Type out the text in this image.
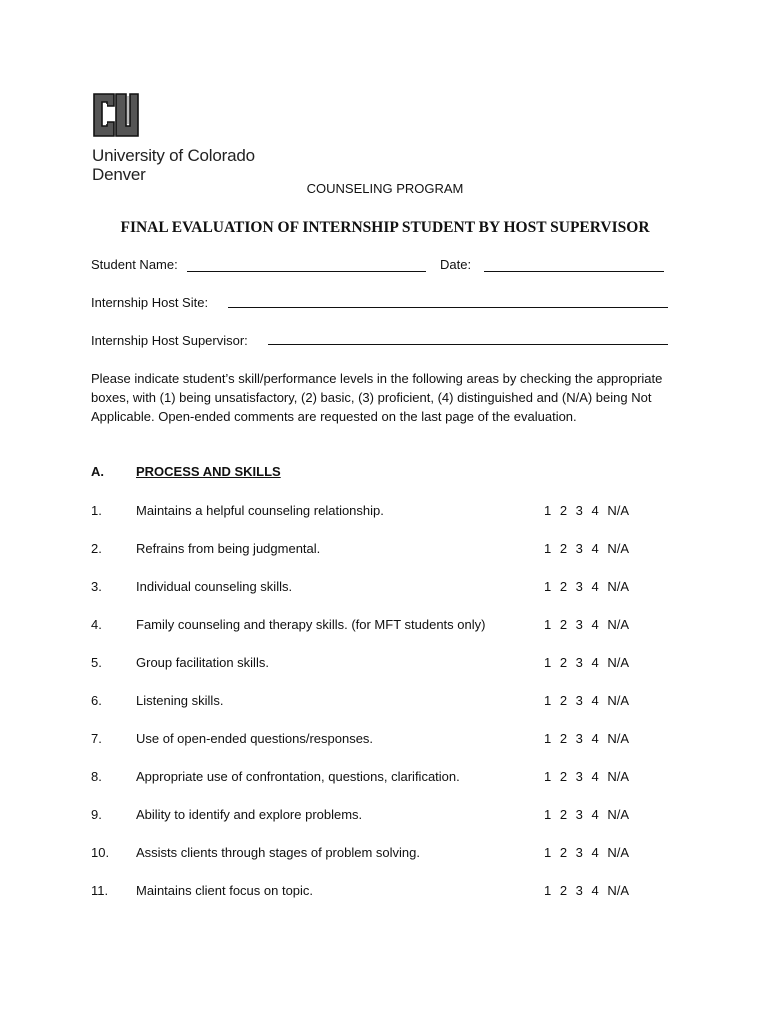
University of Colorado
Denver
COUNSELING PROGRAM
FINAL EVALUATION OF INTERNSHIP STUDENT BY HOST SUPERVISOR
Student Name:	Date:
Internship Host Site:
Internship Host Supervisor:
Please indicate student’s skill/performance levels in the following areas by checking the appropriate boxes, with (1) being unsatisfactory, (2) basic, (3) proficient, (4) distinguished and (N/A) being Not Applicable. Open-ended comments are requested on the last page of the evaluation.
A. PROCESS AND SKILLS
1.	Maintains a helpful counseling relationship.	1 2 3 4 N/A
2.	Refrains from being judgmental.	1 2 3 4 N/A
3.	Individual counseling skills.	1 2 3 4 N/A
4.	Family counseling and therapy skills. (for MFT students only)	1 2 3 4 N/A
5.	Group facilitation skills.	1 2 3 4 N/A
6.	Listening skills.	1 2 3 4 N/A
7.	Use of open-ended questions/responses.	1 2 3 4 N/A
8.	Appropriate use of confrontation, questions, clarification.	1 2 3 4 N/A
9.	Ability to identify and explore problems.	1 2 3 4 N/A
10. Assists clients through stages of problem solving.	1 2 3 4 N/A
11. Maintains client focus on topic.	1 2 3 4 N/A
